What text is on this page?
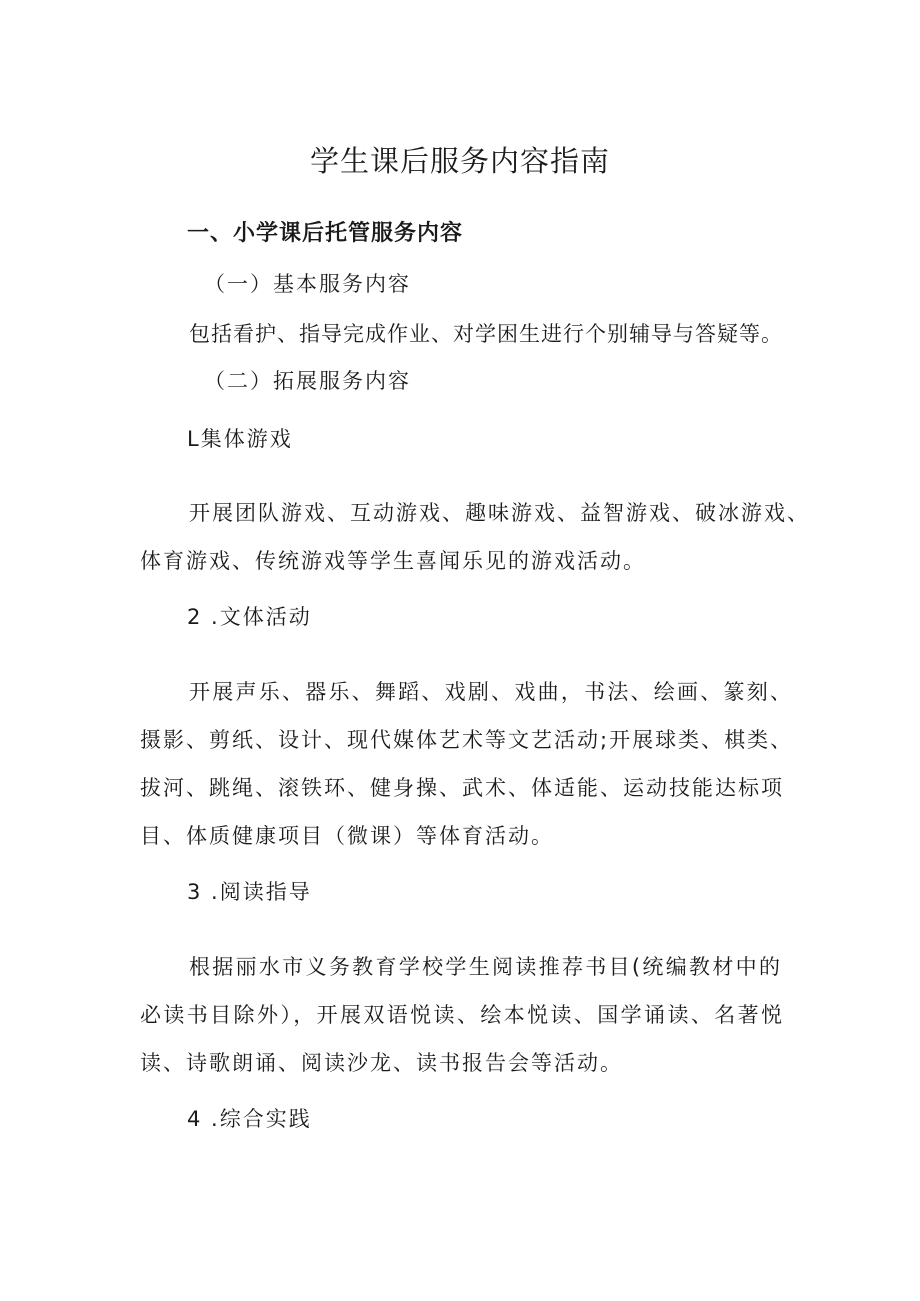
学生课后服务内容指南
一、小学课后托管服务内容
（一）基本服务内容
包括看护、指导完成作业、对学困生进行个别辅导与答疑等。
（二）拓展服务内容
L集体游戏
开展团队游戏、互动游戏、趣味游戏、益智游戏、破冰游戏、
体育游戏、传统游戏等学生喜闻乐见的游戏活动。
2 .文体活动
开展声乐、器乐、舞蹈、戏剧、戏曲，书法、绘画、篆刻、
摄影、剪纸、设计、现代媒体艺术等文艺活动;开展球类、棋类、
拔河、跳绳、滚铁环、健身操、武术、体适能、运动技能达标项
目、体质健康项目（微课）等体育活动。
3 .阅读指导
根据丽水市义务教育学校学生阅读推荐书目(统编教材中的
必读书目除外），开展双语悦读、绘本悦读、国学诵读、名著悦
读、诗歌朗诵、阅读沙龙、读书报告会等活动。
4 .综合实践
